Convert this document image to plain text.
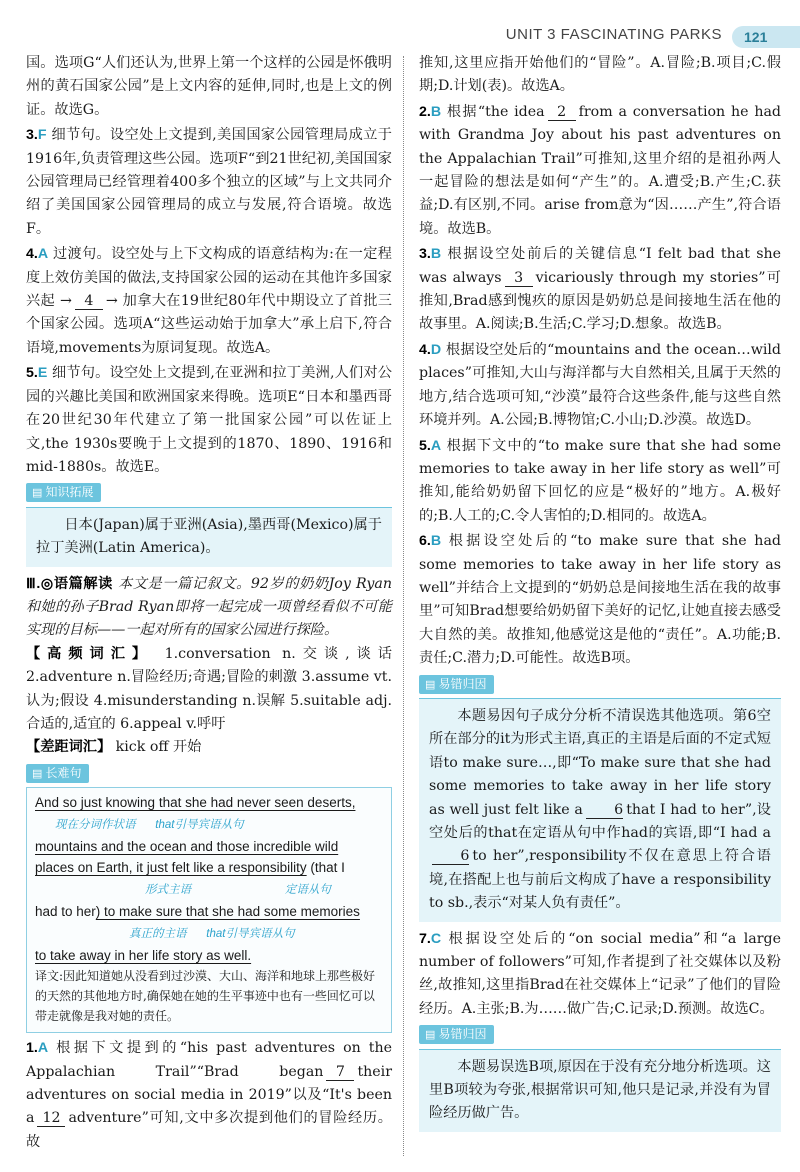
UNIT 3 FASCINATING PARKS	121

国。选项G“人们还认为,世界上第一个这样的公园是怀俄明州的黄石国家公园”是上文内容的延伸,同时,也是上文的例证。故选G。

3.F 细节句。设空处上文提到,美国国家公园管理局成立于1916年,负责管理这些公园。选项F“到21世纪初,美国国家公园管理局已经管理着400多个独立的区域”与上文共同介绍了美国国家公园管理局的成立与发展,符合语境。故选F。

4.A 过渡句。设空处与上下文构成的语意结构为:在一定程度上效仿美国的做法,支持国家公园的运动在其他许多国家兴起 → 4 → 加拿大在19世纪80年代中期设立了首批三个国家公园。选项A“这些运动始于加拿大”承上启下,符合语境,movements为原词复现。故选A。

5.E 细节句。设空处上文提到,在亚洲和拉丁美洲,人们对公园的兴趣比美国和欧洲国家来得晚。选项E“日本和墨西哥在20世纪30年代建立了第一批国家公园”可以佐证上文,the 1930s要晚于上文提到的1870、1890、1916和mid-1880s。故选E。

▤ 知识拓展

日本(Japan)属于亚洲(Asia),墨西哥(Mexico)属于拉丁美洲(Latin America)。

Ⅲ.◎语篇解读 本文是一篇记叙文。92岁的奶奶Joy Ryan和她的孙子Brad Ryan即将一起完成一项曾经看似不可能实现的目标——一起对所有的国家公园进行探险。

【高频词汇】 1.conversation n.交谈,谈话 2.adventure n.冒险经历;奇遇;冒险的刺激 3.assume vt.认为;假设 4.misunderstanding n.误解 5.suitable adj.合适的,适宜的 6.appeal v.呼吁

【差距词汇】 kick off 开始

▤ 长难句
And so just knowing that she had never seen deserts,
现在分词作状语 that引导宾语从句
mountains and the ocean and those incredible wild
places on Earth, it just felt like a responsibility (that I
形式主语	定语从句
had to her) to make sure that she had some memories
真正的主语 that引导宾语从句
to take away in her life story as well.
译文:因此知道她从没看到过沙漠、大山、海洋和地球上那些极好的天然的其他地方时,确保她在她的生平事迹中也有一些回忆可以带走就像是我对她的责任。

1.A 根据下文提到的“his past adventures on the Appalachian Trail”“Brad began 7 their adventures on social media in 2019”以及“It's been a 12 adventure”可知,文中多次提到他们的冒险经历。故

推知,这里应指开始他们的“冒险”。A.冒险;B.项目;C.假期;D.计划(表)。故选A。

2.B 根据“the idea 2 from a conversation he had with Grandma Joy about his past adventures on the Appalachian Trail”可推知,这里介绍的是祖孙两人一起冒险的想法是如何“产生”的。A.遭受;B.产生;C.获益;D.有区别,不同。arise from意为“因……产生”,符合语境。故选B。

3.B 根据设空处前后的关键信息“I felt bad that she was always 3 vicariously through my stories”可推知,Brad感到愧疚的原因是奶奶总是间接地生活在他的故事里。A.阅读;B.生活;C.学习;D.想象。故选B。

4.D 根据设空处后的“mountains and the ocean…wild places”可推知,大山与海洋都与大自然相关,且属于天然的地方,结合选项可知,“沙漠”最符合这些条件,能与这些自然环境并列。A.公园;B.博物馆;C.小山;D.沙漠。故选D。

5.A 根据下文中的“to make sure that she had some memories to take away in her life story as well”可推知,能给奶奶留下回忆的应是“极好的”地方。A.极好的;B.人工的;C.令人害怕的;D.相同的。故选A。

6.B 根据设空处后的“to make sure that she had some memories to take away in her life story as well”并结合上文提到的“奶奶总是间接地生活在我的故事里”可知Brad想要给奶奶留下美好的记忆,让她直接去感受大自然的美。故推知,他感觉这是他的“责任”。A.功能;B.责任;C.潜力;D.可能性。故选B项。

▤ 易错归因

本题易因句子成分分析不清误选其他选项。第6空所在部分的it为形式主语,真正的主语是后面的不定式短语to make sure…,即“To make sure that she had some memories to take away in her life story as well just felt like a 6 that I had to her”,设空处后的that在定语从句中作had的宾语,即“I had a6 to her”,responsibility不仅在意思上符合语境,在搭配上也与前后文构成了have a responsibility to sb.,表示“对某人负有责任”。

7.C 根据设空处后的“on social media”和“a large number of followers”可知,作者提到了社交媒体以及粉丝,故推知,这里指Brad在社交媒体上“记录”了他们的冒险经历。A.主张;B.为……做广告;C.记录;D.预测。故选C。

▤ 易错归因

本题易误选B项,原因在于没有充分地分析选项。这里B项较为夸张,根据常识可知,他只是记录,并没有为冒险经历做广告。
